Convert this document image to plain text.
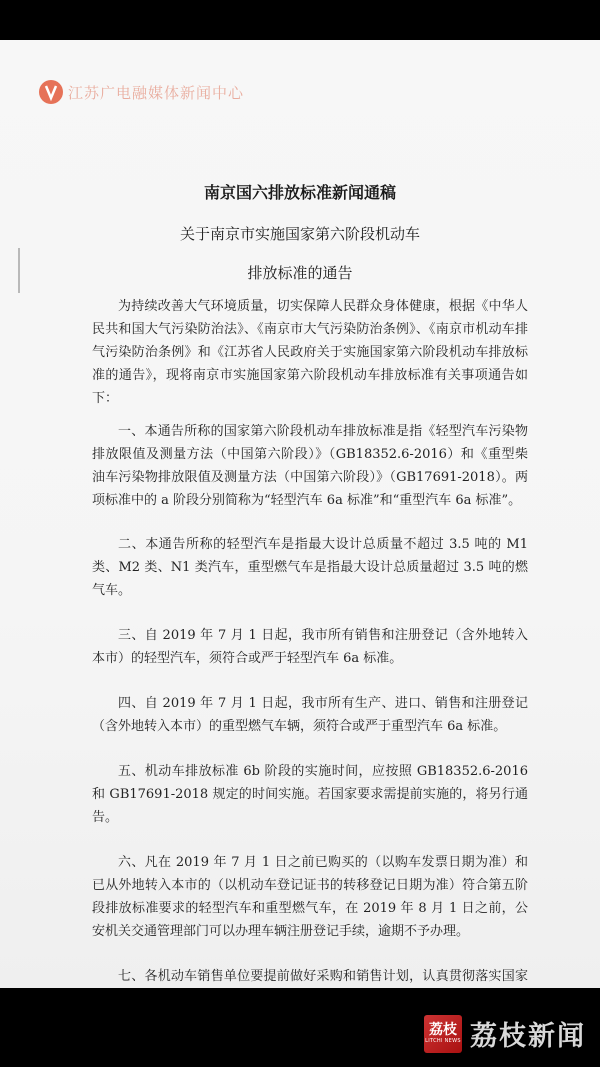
江苏广电融媒体新闻中心
南京国六排放标准新闻通稿
关于南京市实施国家第六阶段机动车
排放标准的通告

为持续改善大气环境质量，切实保障人民群众身体健康，根据《中华人民共和国大气污染防治法》、《南京市大气污染防治条例》、《南京市机动车排气污染防治条例》和《江苏省人民政府关于实施国家第六阶段机动车排放标准的通告》，现将南京市实施国家第六阶段机动车排放标准有关事项通告如下：

一、本通告所称的国家第六阶段机动车排放标准是指《轻型汽车污染物排放限值及测量方法（中国第六阶段）》（GB18352.6-2016）和《重型柴油车污染物排放限值及测量方法（中国第六阶段）》（GB17691-2018）。两项标准中的 a 阶段分别简称为“轻型汽车 6a 标准”和“重型汽车 6a 标准”。

二、本通告所称的轻型汽车是指最大设计总质量不超过 3.5 吨的 M1 类、M2 类、N1 类汽车，重型燃气车是指最大设计总质量超过 3.5 吨的燃气车。

三、自 2019 年 7 月 1 日起，我市所有销售和注册登记（含外地转入本市）的轻型汽车，须符合或严于轻型汽车 6a 标准。

四、自 2019 年 7 月 1 日起，我市所有生产、进口、销售和注册登记（含外地转入本市）的重型燃气车辆，须符合或严于重型汽车 6a 标准。

五、机动车排放标准 6b 阶段的实施时间，应按照 GB18352.6-2016 和 GB17691-2018 规定的时间实施。若国家要求需提前实施的，将另行通告。

六、凡在 2019 年 7 月 1 日之前已购买的（以购车发票日期为准）和已从外地转入本市的（以机动车登记证书的转移登记日期为准）符合第五阶段排放标准要求的轻型汽车和重型燃气车，在 2019 年 8 月 1 日之前，公安机关交通管理部门可以办理车辆注册登记手续，逾期不予办理。

七、各机动车销售单位要提前做好采购和销售计划，认真贯彻落实国家

荔枝
LITCHI NEWS 荔枝新闻
